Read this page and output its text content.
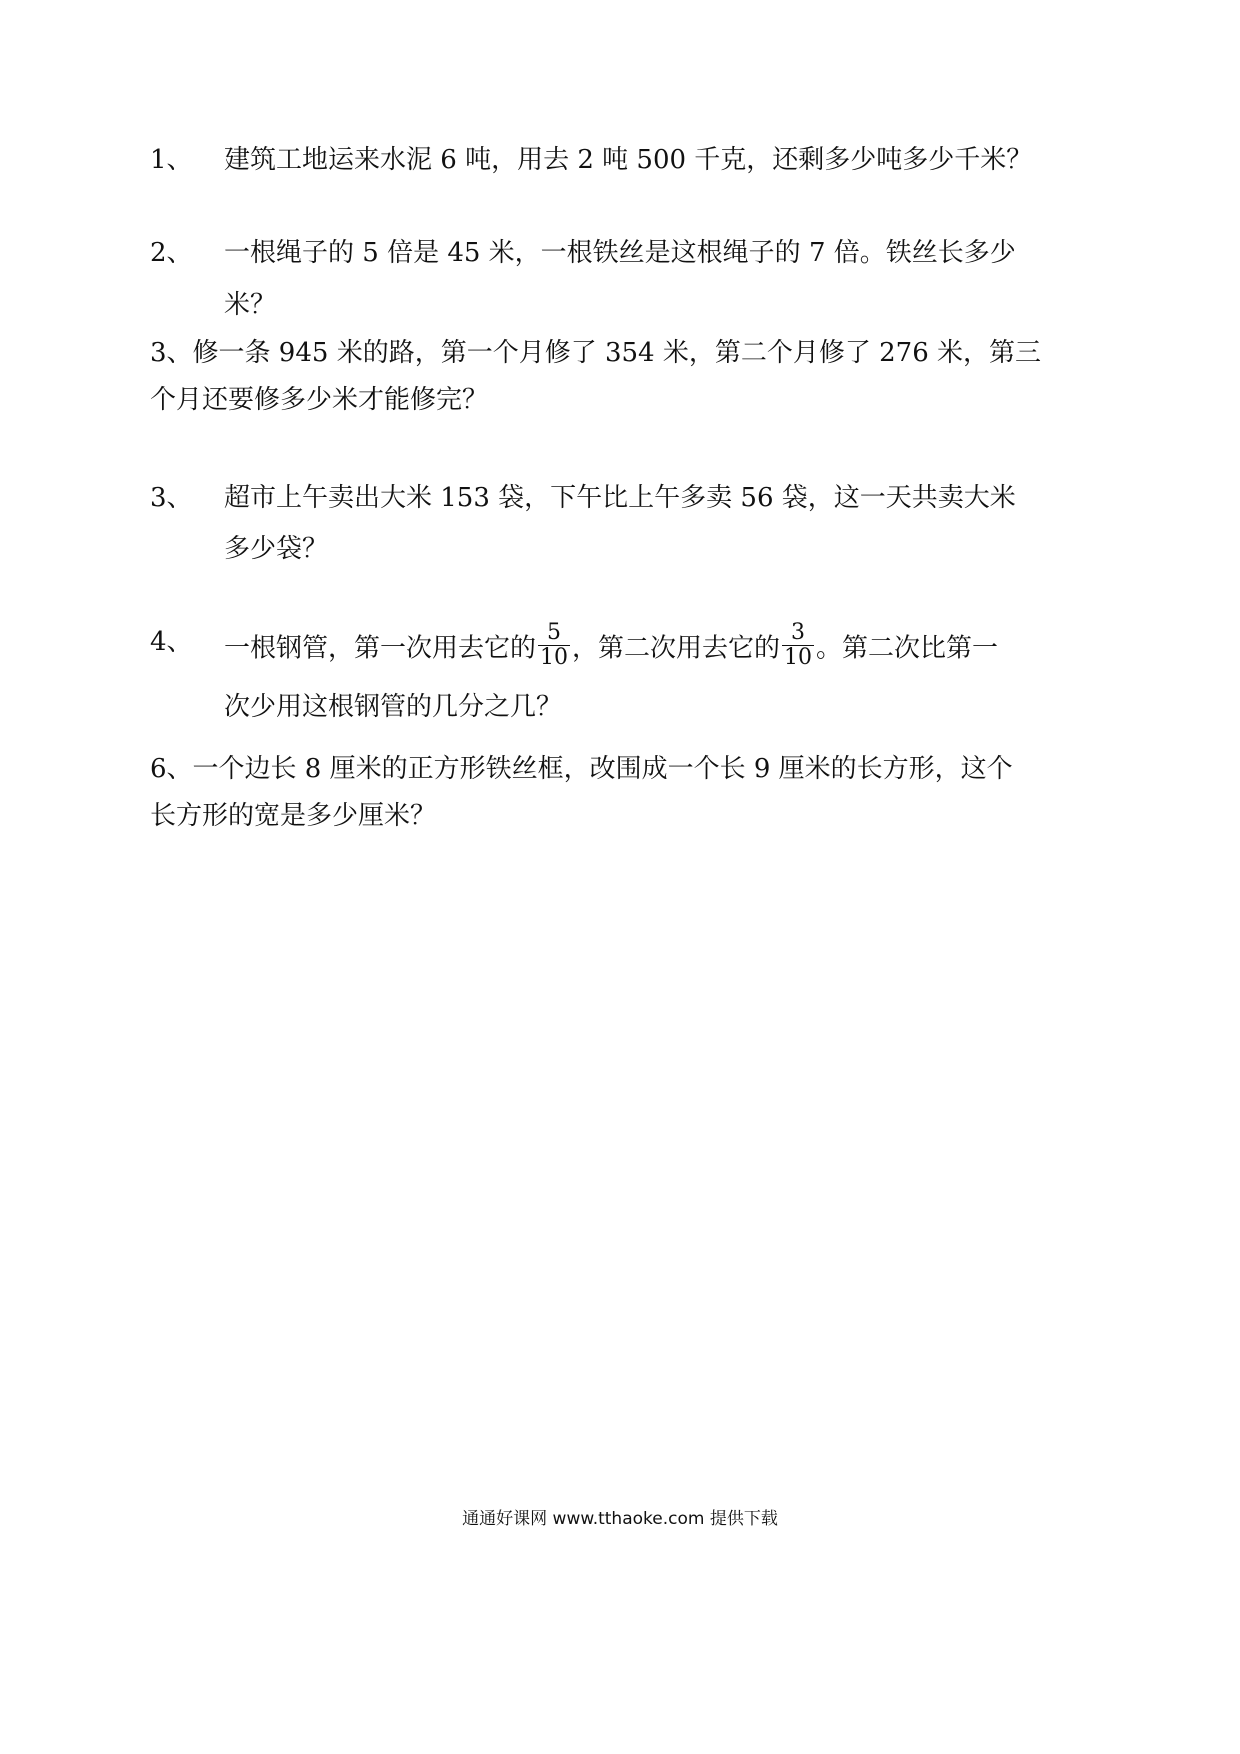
1、 建筑工地运来水泥 6 吨，用去 2 吨 500 千克，还剩多少吨多少千米？
2、 一根绳子的 5 倍是 45 米，一根铁丝是这根绳子的 7 倍。铁丝长多少
米？
3、修一条 945 米的路，第一个月修了 354 米，第二个月修了 276 米，第三
个月还要修多少米才能修完？
3、 超市上午卖出大米 153 袋，下午比上午多卖 56 袋，这一天共卖大米
多少袋？
4、 一根钢管，第一次用去它的 $\frac{5}{10}$ ，第二次用去它的 $\frac{3}{10}$ 。第二次比第一
次少用这根钢管的几分之几？
6、一个边长 8 厘米的正方形铁丝框，改围成一个长 9 厘米的长方形，这个
长方形的宽是多少厘米？
通通好课网 www.tthaoke.com 提供下载
